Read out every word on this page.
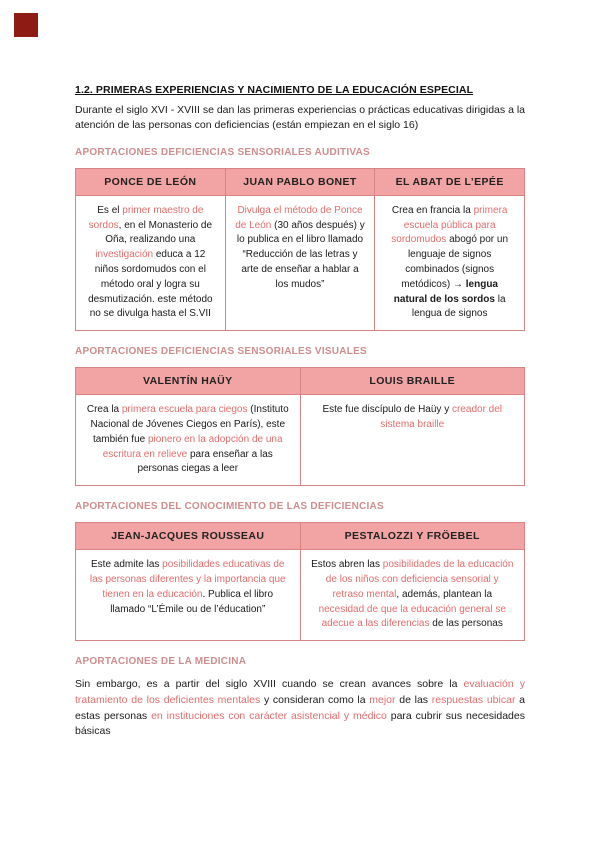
1.2. PRIMERAS EXPERIENCIAS Y NACIMIENTO DE LA EDUCACIÓN ESPECIAL

Durante el siglo XVI - XVIII se dan las primeras experiencias o prácticas educativas dirigidas a la atención de las personas con deficiencias (están empiezan en el siglo 16)

APORTACIONES DEFICIENCIAS SENSORIALES AUDITIVAS
PONCE DE LEÓN	JUAN PABLO BONET	EL ABAT DE L’EPÉE
Es el primer maestro de sordos, en el Monasterio de Oña, realizando una investigación educa a 12 niños sordomudos con el método oral y logra su desmutización. este método no se divulga hasta el S.VII	Divulga el método de Ponce de León (30 años después) y lo publica en el libro llamado “Reducción de las letras y arte de enseñar a hablar a los mudos”	Crea en francia la primera escuela pública para sordomudos abogó por un lenguaje de signos combinados (signos metódicos) → lengua natural de los sordos la lengua de signos
APORTACIONES DEFICIENCIAS SENSORIALES VISUALES
VALENTÍN HAÜY	LOUIS BRAILLE
Crea la primera escuela para ciegos (Instituto Nacional de Jóvenes Ciegos en París), este también fue pionero en la adopción de una escritura en relieve para enseñar a las personas ciegas a leer	Este fue discípulo de Haüy y creador del sistema braille
APORTACIONES DEL CONOCIMIENTO DE LAS DEFICIENCIAS
JEAN-JACQUES ROUSSEAU	PESTALOZZI Y FRÖEBEL
Este admite las posibilidades educativas de las personas diferentes y la importancia que tienen en la educación. Publica el libro llamado “L’Émile ou de l’éducation”	Estos abren las posibilidades de la educación de los niños con deficiencia sensorial y retraso mental, además, plantean la necesidad de que la educación general se adecue a las diferencias de las personas
APORTACIONES DE LA MEDICINA

Sin embargo, es a partir del siglo XVIII cuando se crean avances sobre la evaluación y tratamiento de los deficientes mentales y consideran como la mejor de las respuestas ubicar a estas personas en instituciones con carácter asistencial y médico para cubrir sus necesidades básicas
